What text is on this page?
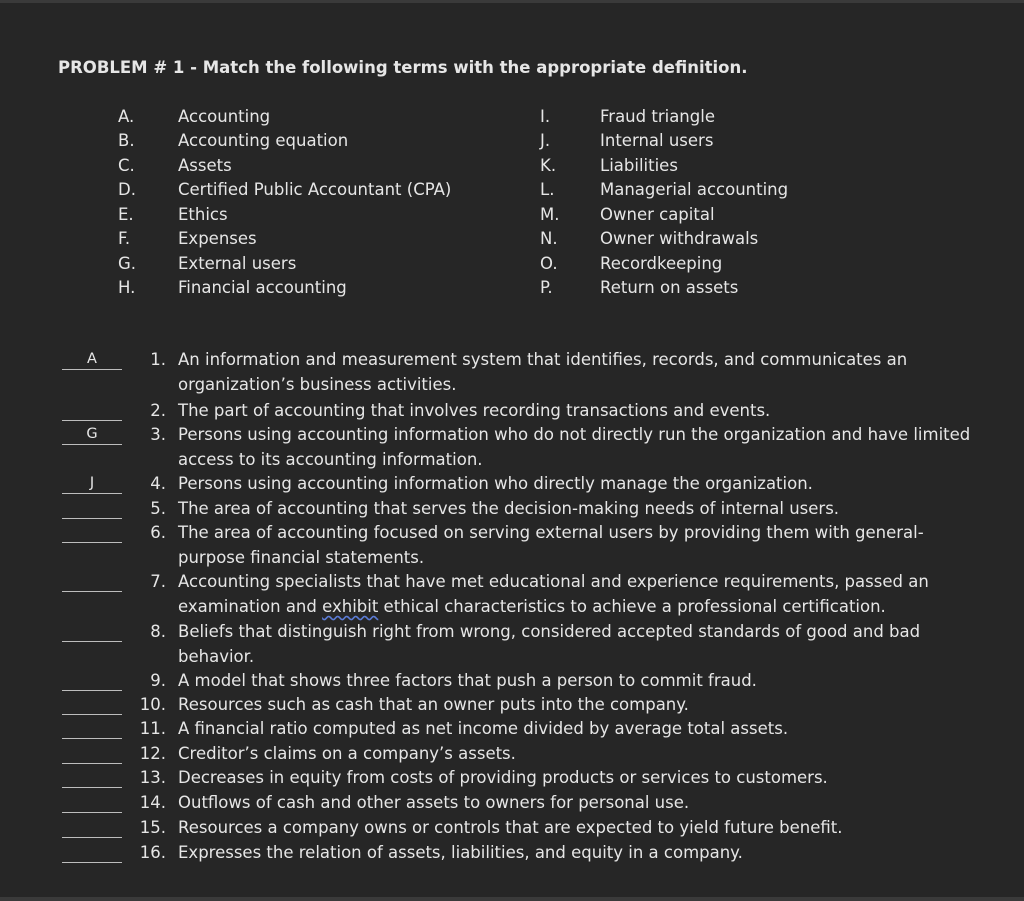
PROBLEM # 1 - Match the following terms with the appropriate definition.
A.	Accounting
B.	Accounting equation
C.	Assets
D.	Certified Public Accountant (CPA)
E.	Ethics
F.	Expenses
G.	External users
H.	Financial accounting
I.	Fraud triangle
J.	Internal users
K.	Liabilities
L.	Managerial accounting
M. Owner capital
N.	Owner withdrawals
O.	Recordkeeping
P.	Return on assets
A	1. An information and measurement system that identifies, records, and communicates an
organization’s business activities.
2. The part of accounting that involves recording transactions and events.
G	3. Persons using accounting information who do not directly run the organization and have limited
access to its accounting information.
J	4. Persons using accounting information who directly manage the organization.
5. The area of accounting that serves the decision-making needs of internal users.
6. The area of accounting focused on serving external users by providing them with general-
purpose financial statements.
7. Accounting specialists that have met educational and experience requirements, passed an
examination and exhibit ethical characteristics to achieve a professional certification.
8. Beliefs that distinguish right from wrong, considered accepted standards of good and bad
behavior.
9. A model that shows three factors that push a person to commit fraud.
10. Resources such as cash that an owner puts into the company.
11. A financial ratio computed as net income divided by average total assets.
12. Creditor’s claims on a company’s assets.
13. Decreases in equity from costs of providing products or services to customers.
14. Outflows of cash and other assets to owners for personal use.
15. Resources a company owns or controls that are expected to yield future benefit.
16. Expresses the relation of assets, liabilities, and equity in a company.
